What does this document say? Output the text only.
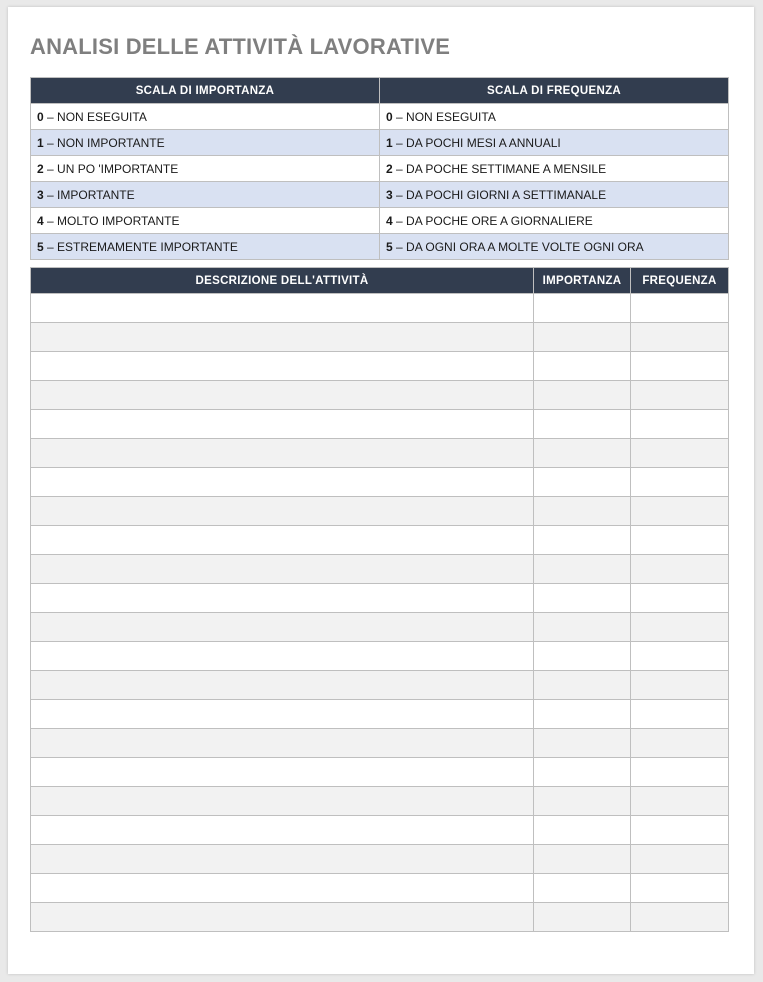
ANALISI DELLE ATTIVITÀ LAVORATIVE
SCALA DI IMPORTANZA	SCALA DI FREQUENZA
0 – NON ESEGUITA	0 – NON ESEGUITA
1 – NON IMPORTANTE	1 – DA POCHI MESI A ANNUALI
2 – UN PO 'IMPORTANTE	2 – DA POCHE SETTIMANE A MENSILE
3 – IMPORTANTE	3 – DA POCHI GIORNI A SETTIMANALE
4 – MOLTO IMPORTANTE	4 – DA POCHE ORE A GIORNALIERE
5 – ESTREMAMENTE IMPORTANTE	5 – DA OGNI ORA A MOLTE VOLTE OGNI ORA
DESCRIZIONE DELL'ATTIVITÀ	IMPORTANZA	FREQUENZA
